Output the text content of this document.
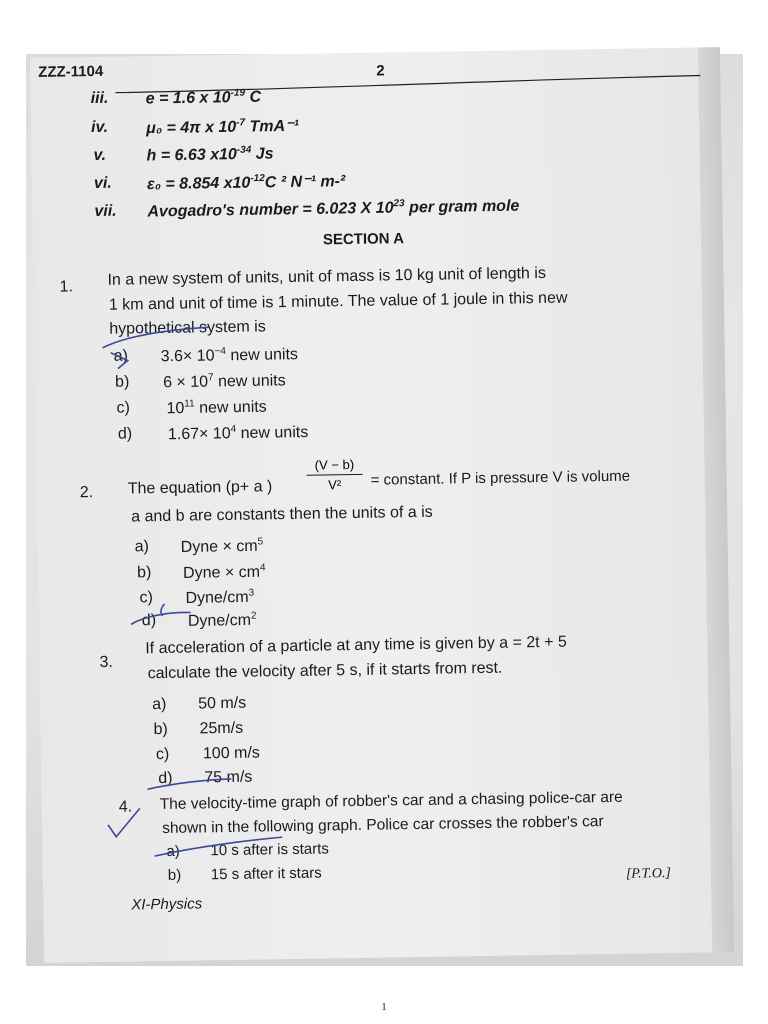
ZZZ-1104	2
iii. e = 1.6 x $10^{-19}$ C
iv. μ₀ = 4π x $10^{-7}$ TmA⁻¹
v.	h = 6.63 $x10^{-34}$ Js
vi. ε₀ = 8.854 $x10^{-12}C$ ² N⁻¹ m-²
vii. Avogadro's number = 6.023 X $10^{23}$ per gram mole
SECTION A
1. In a new system of units, unit of mass is 10 kg unit of length is
1 km and unit of time is 1 minute. The value of 1 joule in this new
hypothetical system is
a) $3.6\times 10^{-4}$ new units
b) $6 \times 10^7$ new units
c) $10^{11}$ new units
d) $1.67\times 10^4$ new units
2. The equation (p+ a )
(V − b)
V²	= constant. If P is pressure V is volume
a and b are constants then the units of a is
a) Dyne × $cm^5$
b) Dyne × $cm^4$
c) Dyne/$cm^3$
d) Dyne/$cm^2$
3.
If acceleration of a particle at any time is given by a = 2t + 5
calculate the velocity after 5 s, if it starts from rest.
a) 50 m/s
b) 25m/s
c) 100 m/s
d) 75 m/s
4. The velocity-time graph of robber's car and a chasing police-car are
shown in the following graph. Police car crosses the robber's car
a) 10 s after is starts
b) 15 s after it stars	[P.T.O.]
XI-Physics
1
